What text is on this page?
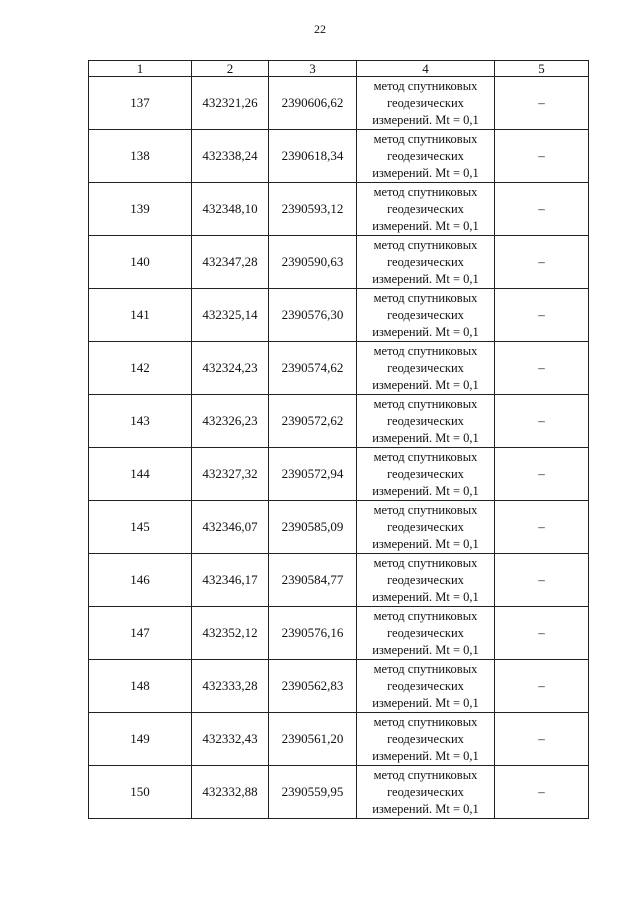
22
1	2	3	4	5
137	432321,26	2390606,62	метод спутниковых
геодезических
измерений. Mt = 0,1	–
138	432338,24	2390618,34	метод спутниковых
геодезических
измерений. Mt = 0,1	–
139	432348,10	2390593,12	метод спутниковых
геодезических
измерений. Mt = 0,1	–
140	432347,28	2390590,63	метод спутниковых
геодезических
измерений. Mt = 0,1	–
141	432325,14	2390576,30	метод спутниковых
геодезических
измерений. Mt = 0,1	–
142	432324,23	2390574,62	метод спутниковых
геодезических
измерений. Mt = 0,1	–
143	432326,23	2390572,62	метод спутниковых
геодезических
измерений. Mt = 0,1	–
144	432327,32	2390572,94	метод спутниковых
геодезических
измерений. Mt = 0,1	–
145	432346,07	2390585,09	метод спутниковых
геодезических
измерений. Mt = 0,1	–
146	432346,17	2390584,77	метод спутниковых
геодезических
измерений. Mt = 0,1	–
147	432352,12	2390576,16	метод спутниковых
геодезических
измерений. Mt = 0,1	–
148	432333,28	2390562,83	метод спутниковых
геодезических
измерений. Mt = 0,1	–
149	432332,43	2390561,20	метод спутниковых
геодезических
измерений. Mt = 0,1	–
150	432332,88	2390559,95	метод спутниковых
геодезических
измерений. Mt = 0,1	–
